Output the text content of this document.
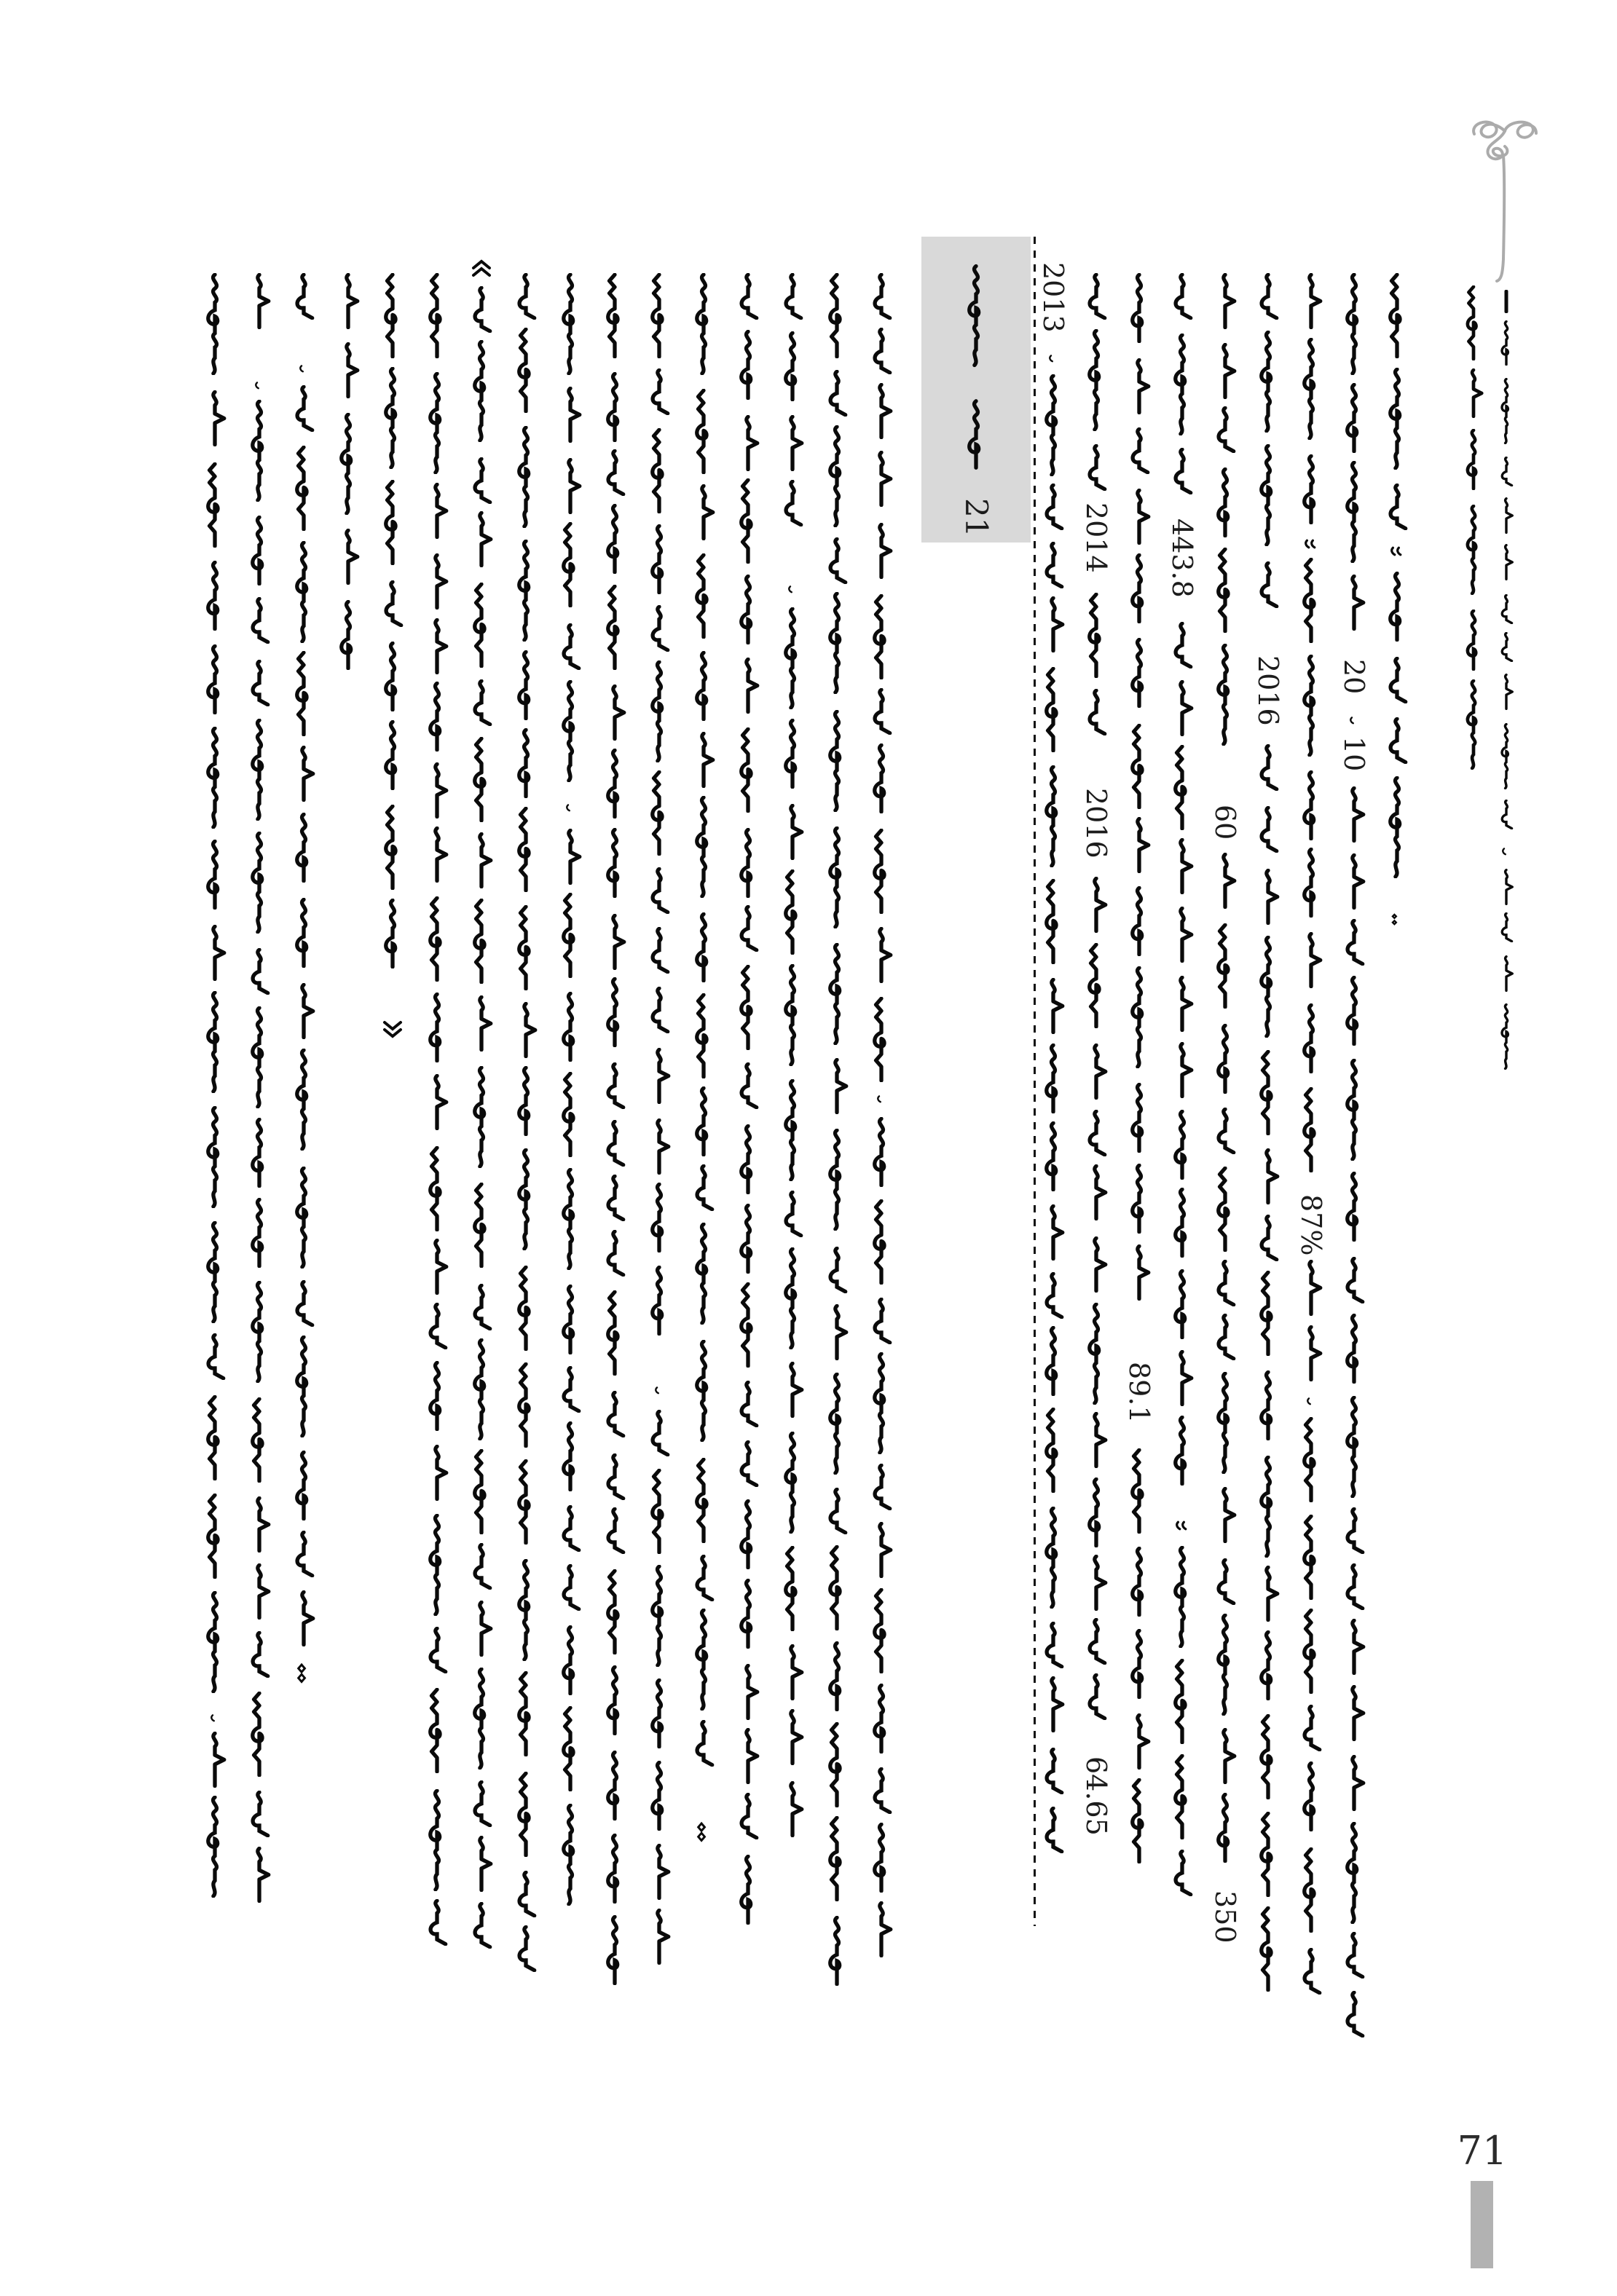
21
20
10
87%
2016
60
350
443.8
89.1
2014
2016
64.65
2013
71
